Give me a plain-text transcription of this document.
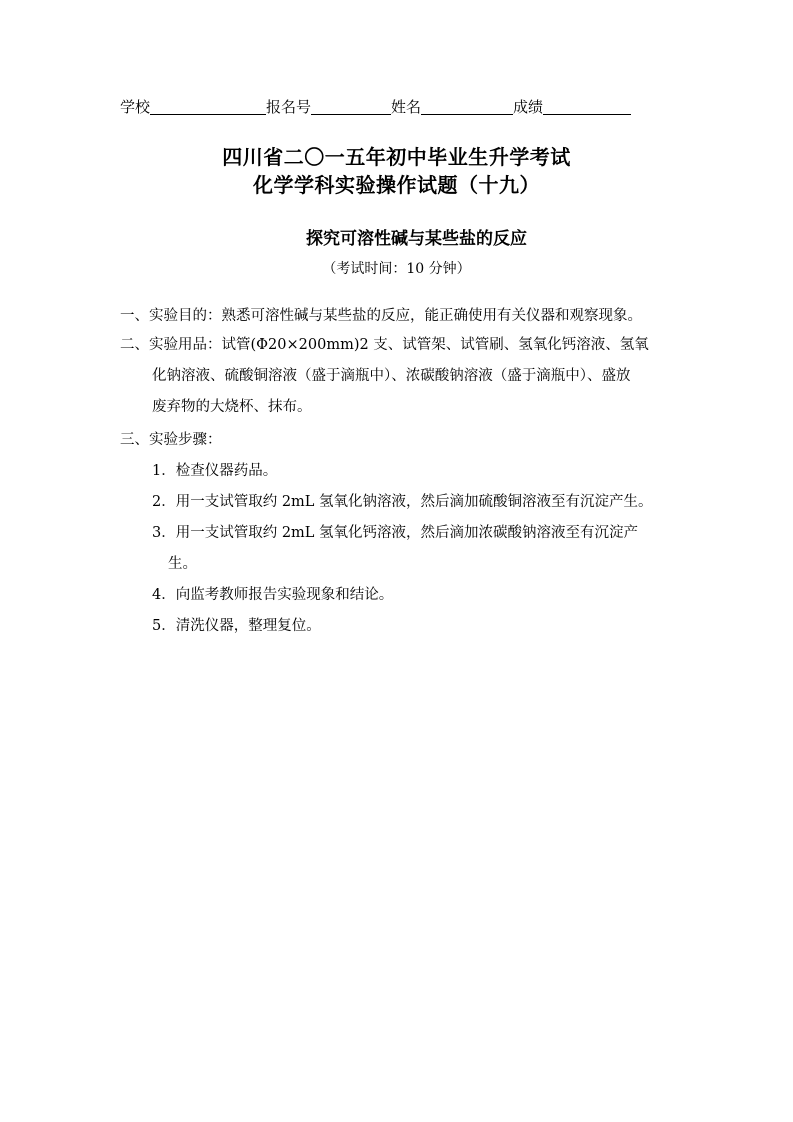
学校	报名号	姓名	成绩
四川省二〇一五年初中毕业生升学考试
化学学科实验操作试题（十九）
探究可溶性碱与某些盐的反应
（考试时间：10 分钟）
一、实验目的：熟悉可溶性碱与某些盐的反应，能正确使用有关仪器和观察现象。
二、实验用品：试管(Φ20×200mm)2 支、试管架、试管刷、氢氧化钙溶液、氢氧
化钠溶液、硫酸铜溶液（盛于滴瓶中）、浓碳酸钠溶液（盛于滴瓶中）、盛放
废弃物的大烧杯、抹布。
三、实验步骤：
1．检查仪器药品。
2．用一支试管取约 2mL 氢氧化钠溶液，然后滴加硫酸铜溶液至有沉淀产生。
3．用一支试管取约 2mL 氢氧化钙溶液，然后滴加浓碳酸钠溶液至有沉淀产
生。
4．向监考教师报告实验现象和结论。
5．清洗仪器，整理复位。
